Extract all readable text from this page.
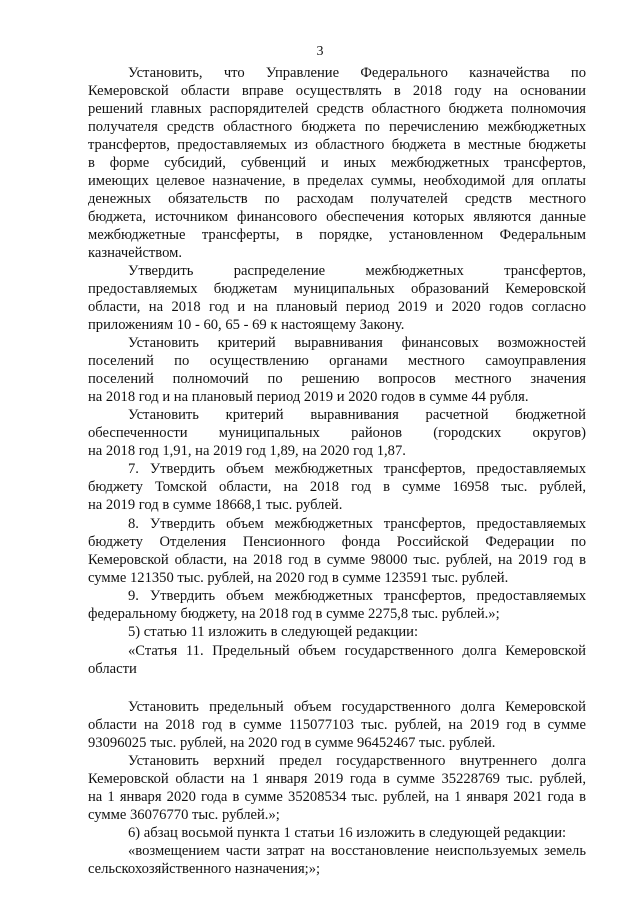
3
Установить, что Управление Федерального казначейства по
Кемеровской области вправе осуществлять в 2018 году на основании
решений главных распорядителей средств областного бюджета полномочия
получателя средств областного бюджета по перечислению межбюджетных
трансфертов, предоставляемых из областного бюджета в местные бюджеты
в форме субсидий, субвенций и иных межбюджетных трансфертов,
имеющих целевое назначение, в пределах суммы, необходимой для оплаты
денежных обязательств по расходам получателей средств местного
бюджета, источником финансового обеспечения которых являются данные
межбюджетные трансферты, в порядке, установленном Федеральным
казначейством.
Утвердить распределение межбюджетных трансфертов,
предоставляемых бюджетам муниципальных образований Кемеровской
области, на 2018 год и на плановый период 2019 и 2020 годов согласно
приложениям 10 - 60, 65 - 69 к настоящему Закону.
Установить критерий выравнивания финансовых возможностей
поселений по осуществлению органами местного самоуправления
поселений полномочий по решению вопросов местного значения
на 2018 год и на плановый период 2019 и 2020 годов в сумме 44 рубля.
Установить критерий выравнивания расчетной бюджетной
обеспеченности муниципальных районов (городских округов)
на 2018 год 1,91, на 2019 год 1,89, на 2020 год 1,87.
7. Утвердить объем межбюджетных трансфертов, предоставляемых
бюджету Томской области, на 2018 год в сумме 16958 тыс. рублей,
на 2019 год в сумме 18668,1 тыс. рублей.
8. Утвердить объем межбюджетных трансфертов, предоставляемых
бюджету Отделения Пенсионного фонда Российской Федерации по
Кемеровской области, на 2018 год в сумме 98000 тыс. рублей, на 2019 год в
сумме 121350 тыс. рублей, на 2020 год в сумме 123591 тыс. рублей.
9. Утвердить объем межбюджетных трансфертов, предоставляемых
федеральному бюджету, на 2018 год в сумме 2275,8 тыс. рублей.»;
5) статью 11 изложить в следующей редакции:
«Статья 11. Предельный объем государственного долга Кемеровской
области
Установить предельный объем государственного долга Кемеровской
области на 2018 год в сумме 115077103 тыс. рублей, на 2019 год в сумме
93096025 тыс. рублей, на 2020 год в сумме 96452467 тыс. рублей.
Установить верхний предел государственного внутреннего долга
Кемеровской области на 1 января 2019 года в сумме 35228769 тыс. рублей,
на 1 января 2020 года в сумме 35208534 тыс. рублей, на 1 января 2021 года в
сумме 36076770 тыс. рублей.»;
6) абзац восьмой пункта 1 статьи 16 изложить в следующей редакции:
«возмещением части затрат на восстановление неиспользуемых земель
сельскохозяйственного назначения;»;
